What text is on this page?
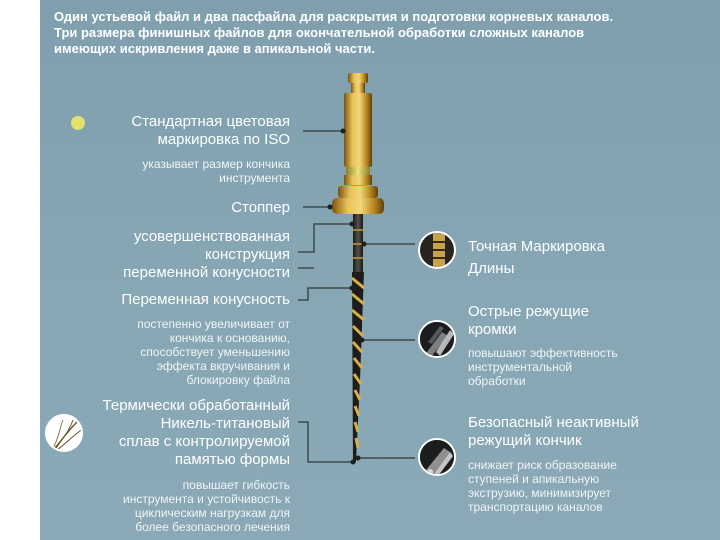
Один устьевой файл и два пасфайла для раскрытия и подготовки корневых каналов.
Три размера финишных файлов для окончательной обработки сложных каналов
имеющих искривления даже в апикальной части.
Стандартная цветовая
маркировка по ISO
указывает размер кончика
инструмента
Стоппер
усовершенствованная
конструкция
переменной конусности
Переменная конусность
постепенно увеличивает от
кончика к основанию,
способствует уменьшению
эффекта вкручивания и
блокировку файла
Термически обработанный
Никель-титановый
сплав с контролируемой
памятью формы
повышает гибкость
инструмента и устойчивость к
циклическим нагрузкам для
более безопасного лечения
Точная Маркировка
Длины
Острые режущие
кромки
повышают эффективность
инструментальной
обработки
Безопасный неактивный
режущий кончик
снижает риск образование
ступеней и апикальную
экструзию, минимизирует
транспортацию каналов
